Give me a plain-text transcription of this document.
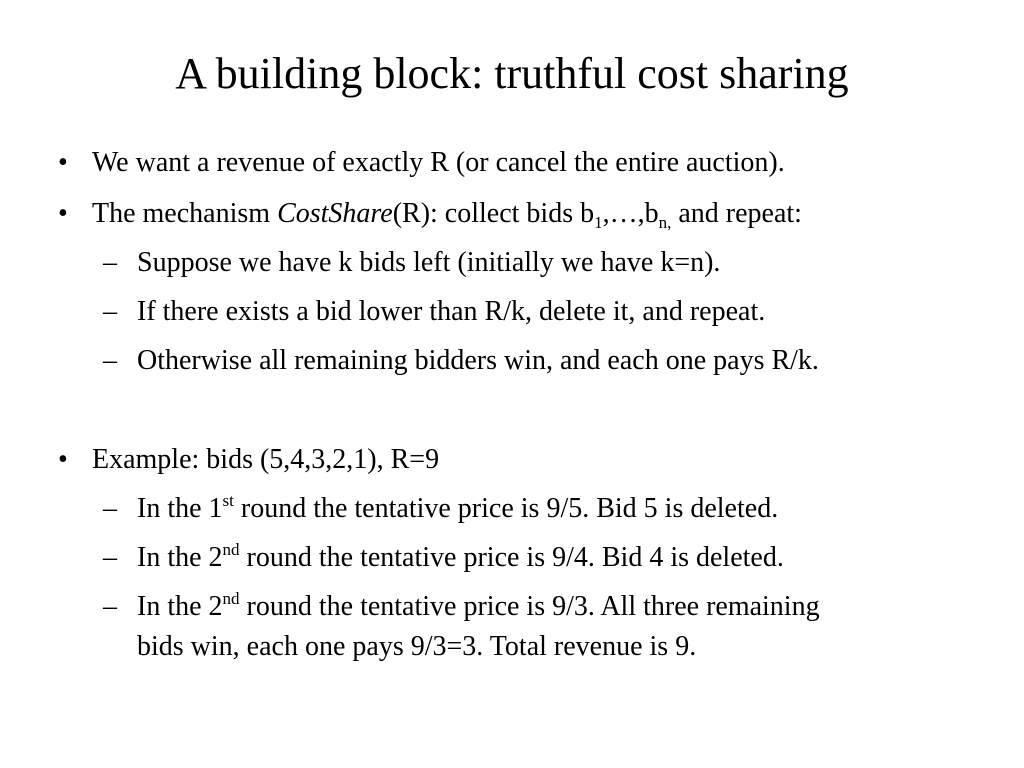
A building block: truthful cost sharing
• We want a revenue of exactly R (or cancel the entire auction).
• The mechanism CostShare(R): collect bids $b_1,\dots,b_{n,}$ and repeat:
– Suppose we have k bids left (initially we have k=n).
– If there exists a bid lower than R/k, delete it, and repeat.
– Otherwise all remaining bidders win, and each one pays R/k.
• Example: bids (5,4,3,2,1), R=9
– In the 1st round the tentative price is 9/5. Bid 5 is deleted.
– In the 2nd round the tentative price is 9/4. Bid 4 is deleted.
– In the 2nd round the tentative price is 9/3. All three remaining
bids win, each one pays 9/3=3. Total revenue is 9.
